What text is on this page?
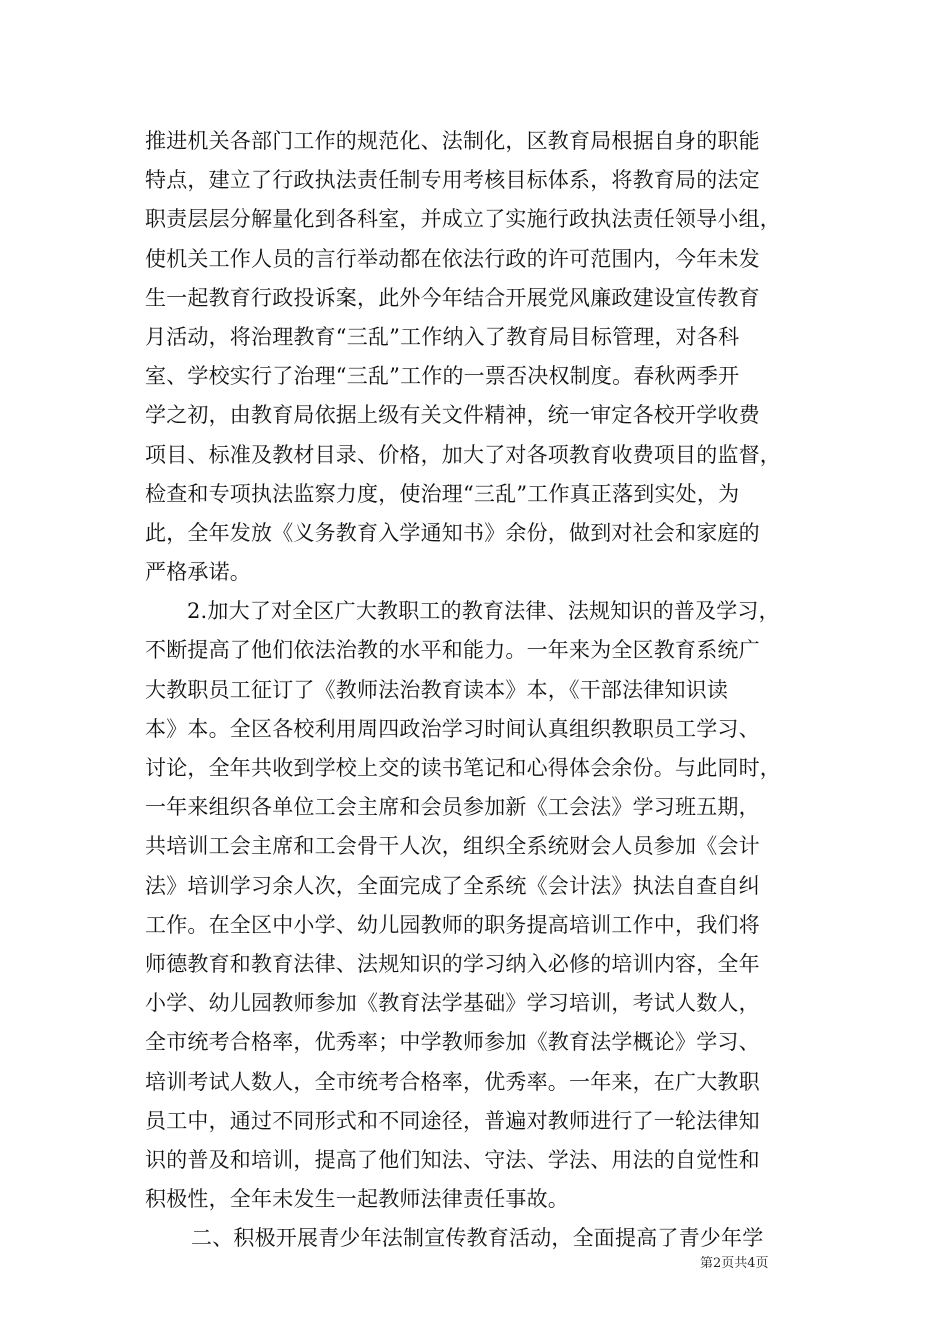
推进机关各部门工作的规范化、法制化，区教育局根据自身的职能
特点，建立了行政执法责任制专用考核目标体系，将教育局的法定
职责层层分解量化到各科室，并成立了实施行政执法责任领导小组，
使机关工作人员的言行举动都在依法行政的许可范围内，今年未发
生一起教育行政投诉案，此外今年结合开展党风廉政建设宣传教育
月活动，将治理教育“三乱”工作纳入了教育局目标管理，对各科
室、学校实行了治理“三乱”工作的一票否决权制度。春秋两季开
学之初，由教育局依据上级有关文件精神，统一审定各校开学收费
项目、标准及教材目录、价格，加大了对各项教育收费项目的监督，
检查和专项执法监察力度，使治理“三乱”工作真正落到实处，为
此，全年发放《义务教育入学通知书》余份，做到对社会和家庭的
严格承诺。
2.加大了对全区广大教职工的教育法律、法规知识的普及学习，
不断提高了他们依法治教的水平和能力。一年来为全区教育系统广
大教职员工征订了《教师法治教育读本》本，《干部法律知识读
本》本。全区各校利用周四政治学习时间认真组织教职员工学习、
讨论，全年共收到学校上交的读书笔记和心得体会余份。与此同时，
一年来组织各单位工会主席和会员参加新《工会法》学习班五期，
共培训工会主席和工会骨干人次，组织全系统财会人员参加《会计
法》培训学习余人次，全面完成了全系统《会计法》执法自查自纠
工作。在全区中小学、幼儿园教师的职务提高培训工作中，我们将
师德教育和教育法律、法规知识的学习纳入必修的培训内容，全年
小学、幼儿园教师参加《教育法学基础》学习培训，考试人数人，
全市统考合格率，优秀率；中学教师参加《教育法学概论》学习、
培训考试人数人，全市统考合格率，优秀率。一年来，在广大教职
员工中，通过不同形式和不同途径，普遍对教师进行了一轮法律知
识的普及和培训，提高了他们知法、守法、学法、用法的自觉性和
积极性，全年未发生一起教师法律责任事故。
二、积极开展青少年法制宣传教育活动，全面提高了青少年学
第2页共4页
